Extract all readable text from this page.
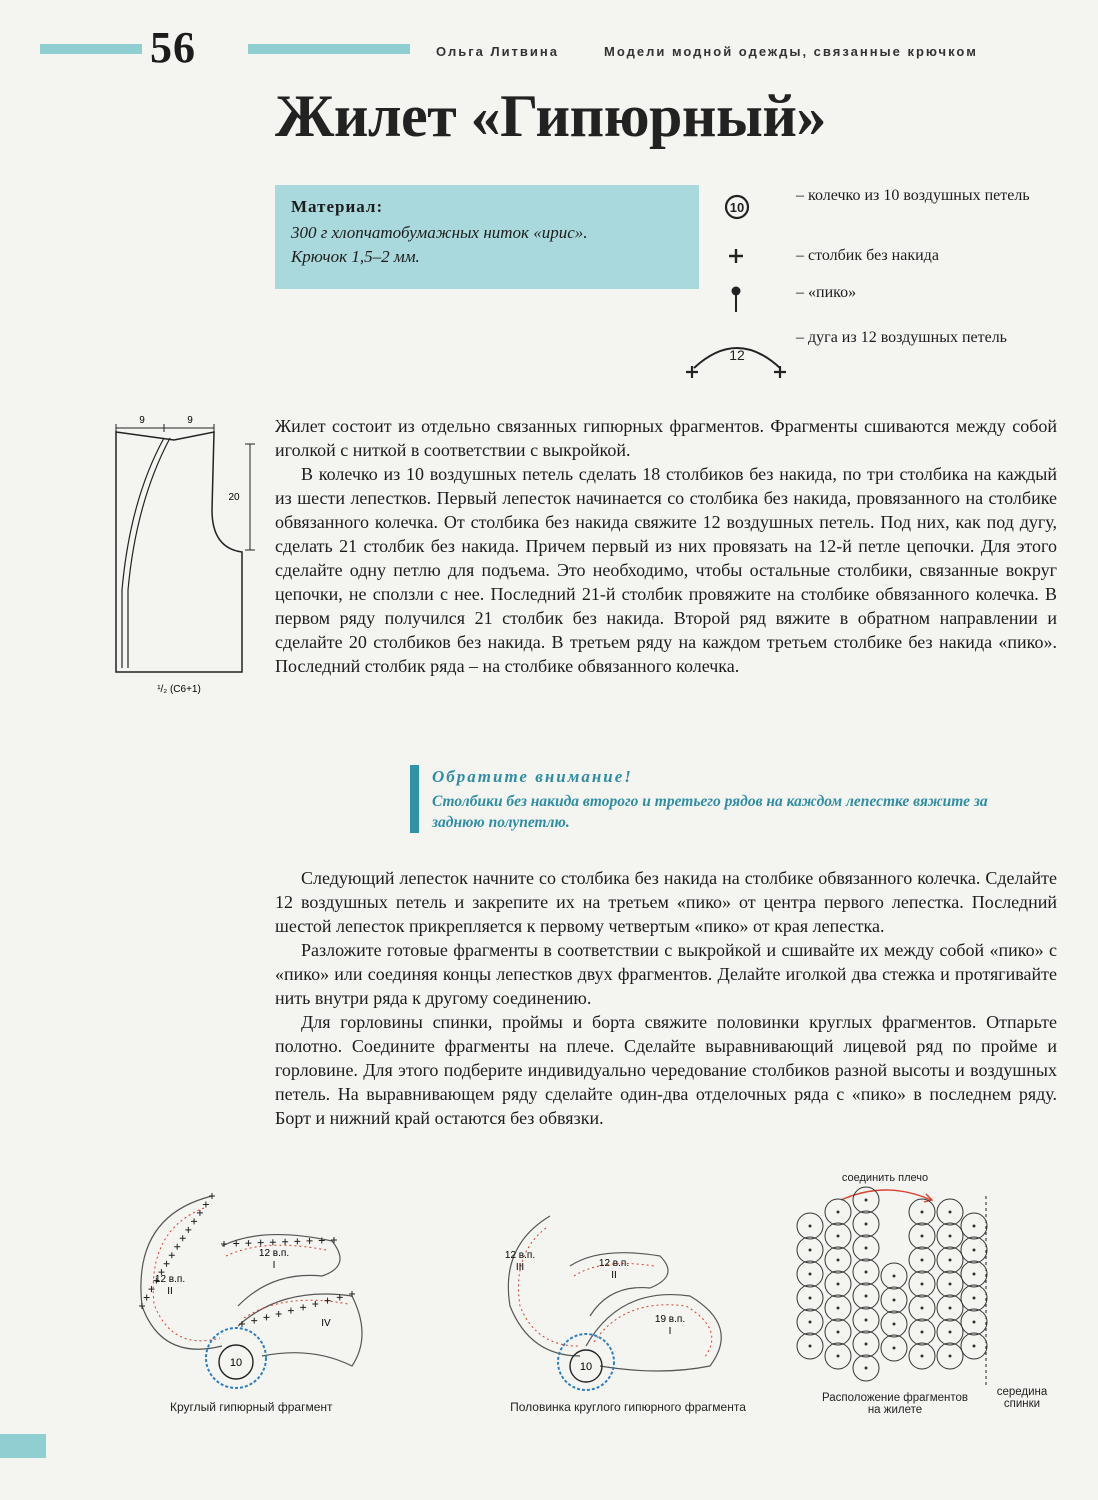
56	Ольга Литвина	Модели модной одежды, связанные крючком
Жилет «Гипюрный»
Материал:
300 г хлопчатобумажных ниток «ирис».
Крючок 1,5–2 мм.
10
– колечко из 10 воздушных петель
– столбик без накида
– «пико»
12
– дуга из 12 воздушных петель
9	9
20
¹/₂ (С6+1)

Жилет состоит из отдельно связанных гипюрных фрагментов. Фрагменты сшиваются между собой иголкой с ниткой в соответствии с выкройкой.

В колечко из 10 воздушных петель сделать 18 столбиков без накида, по три столбика на каждый из шести лепестков. Первый лепесток начинается со столбика без накида, провязанного на столбике обвязанного колечка. От столбика без накида свяжите 12 воздушных петель. Под них, как под дугу, сделать 21 столбик без накида. Причем первый из них провязать на 12-й петле цепочки. Для этого сделайте одну петлю для подъема. Это необходимо, чтобы остальные столбики, связанные вокруг цепочки, не сползли с нее. Последний 21-й столбик провяжите на столбике обвязанного колечка. В первом ряду получился 21 столбик без накида. Второй ряд вяжите в обратном направлении и сделайте 20 столбиков без накида. В третьем ряду на каждом третьем столбике без накида «пико». Последний столбик ряда – на столбике обвязанного колечка.

Обратите внимание!
Столбики без накида второго и третьего рядов на каждом лепестке вяжите за заднюю полупетлю.

Следующий лепесток начните со столбика без накида на столбике обвязанного колечка. Сделайте 12 воздушных петель и закрепите их на третьем «пико» от центра первого лепестка. Последний шестой лепесток прикрепляется к первому четвертым «пико» от края лепестка.

Разложите готовые фрагменты в соответствии с выкройкой и сшивайте их между собой «пико» с «пико» или соединяя концы лепестков двух фрагментов. Делайте иголкой два стежка и протягивайте нить внутри ряда к другому соединению.

Для горловины спинки, проймы и борта свяжите половинки круглых фрагментов. Отпарьте полотно. Соедините фрагменты на плече. Сделайте выравнивающий лицевой ряд по пройме и горловине. Для этого подберите индивидуально чередование столбиков разной высоты и воздушных петель. На выравнивающем ряду сделайте один-два отделочных ряда с «пико» в последнем ряду. Борт и нижний край остаются без обвязки.

10
12 в.п.
II
12 в.п.
I
IV
Круглый гипюрный фрагмент
10
12 в.п.
III	12 в.п.
II
19 в.п.
I
Половинка круглого гипюрного фрагмента
соединить плечо
Расположение фрагментов
на жилете
середина
спинки
